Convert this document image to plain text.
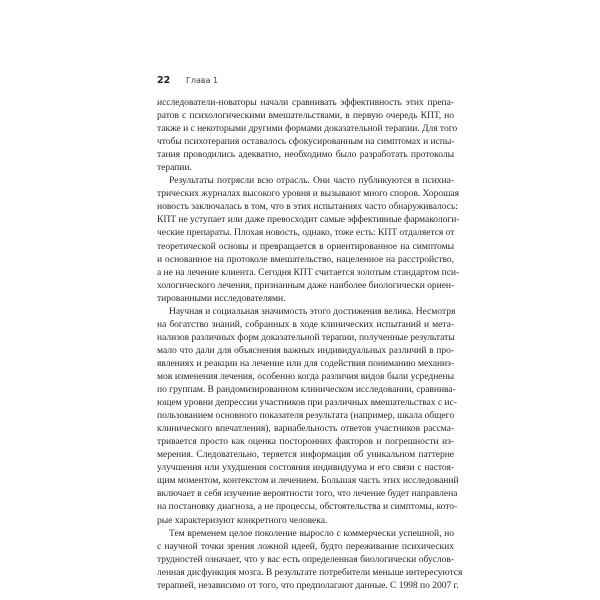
22	Глава 1
исследователи-новаторы начали сравнивать эффективность этих препа-
ратов с психологическими вмешательствами, в первую очередь КПТ, но
также и с некоторыми другими формами доказательной терапии. Для того
чтобы психотерапия оставалось сфокусированным на симптомах и испы-
тания проводились адекватно, необходимо было разработать протоколы
терапии.
Результаты потрясли всю отрасль. Они часто публикуются в психиа-
трических журналах высокого уровня и вызывают много споров. Хорошая
новость заключалась в том, что в этих испытаниях часто обнаруживалось:
КПТ не уступает или даже превосходит самые эффективные фармакологи-
ческие препараты. Плохая новость, однако, тоже есть: КПТ отдаляется от
теоретической основы и превращается в ориентированное на симптомы
и основанное на протоколе вмешательство, нацеленное на расстройство,
а не на лечение клиента. Сегодня КПТ считается золотым стандартом пси-
хологического лечения, признанным даже наиболее биологически ориен-
тированными исследователями.
Научная и социальная значимость этого достижения велика. Несмотря
на богатство знаний, собранных в ходе клинических испытаний и мета-
нализов различных форм доказательной терапии, полученные результаты
мало что дали для объяснения важных индивидуальных различий в про-
явлениях и реакции на лечение или для содействия пониманию механиз-
мов изменения лечения, особенно когда различия видов были усреднены
по группам. В рандомизированном клиническом исследовании, сравнива-
ющем уровни депрессии участников при различных вмешательствах с ис-
пользованием основного показателя результата (например, шкала общего
клинического впечатления), вариабельность ответов участников рассма-
тривается просто как оценка посторонних факторов и погрешности из-
мерения. Следовательно, теряется информация об уникальном паттерне
улучшения или ухудшения состояния индивидуума и его связи с настоя-
щим моментом, контекстом и лечением. Большая часть этих исследований
включает в себя изучение вероятности того, что лечение будет направлена
на постановку диагноза, а не процессы, обстоятельства и симптомы, кото-
рые характеризуют конкретного человека.
Тем временем целое поколение выросло с коммерчески успешной, но
с научной точки зрения ложной идеей, будто переживание психических
трудностей означает, что у вас есть определенная биологически обуслов-
ленная дисфункция мозга. В результате потребители меньше интересуются
терапией, независимо от того, что предполагают данные. С 1998 по 2007 г.
